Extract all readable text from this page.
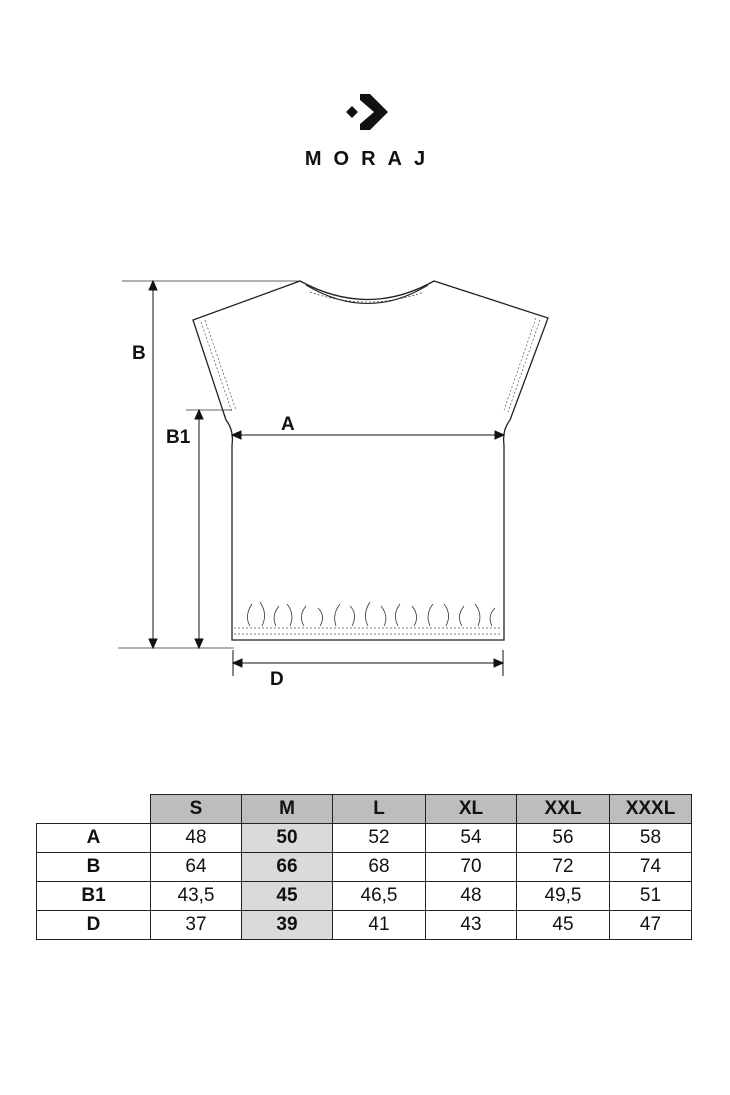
MORAJ
B
B1
A
D
	S	M	L	XL	XXL	XXXL
A	48	50	52	54	56	58
B	64	66	68	70	72	74
B1	43,5	45	46,5	48	49,5	51
D	37	39	41	43	45	47
